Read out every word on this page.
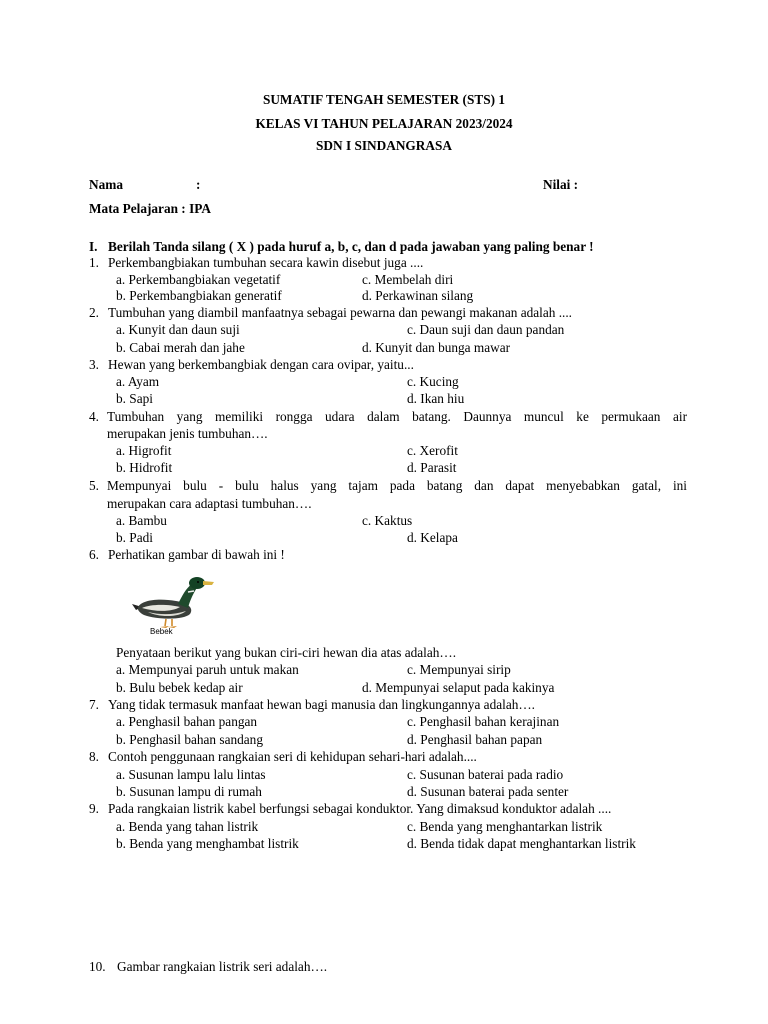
SUMATIF TENGAH SEMESTER (STS) 1
KELAS VI TAHUN PELAJARAN 2023/2024
SDN I SINDANGRASA
Nama	:	Nilai :
Mata Pelajaran : IPA
I. Berilah Tanda silang ( X ) pada huruf a, b, c, dan d pada jawaban yang paling benar !
1. Perkembangbiakan tumbuhan secara kawin disebut juga ....
a. Perkembangbiakan vegetatif	c. Membelah diri
b. Perkembangbiakan generatif	d. Perkawinan silang
2. Tumbuhan yang diambil manfaatnya sebagai pewarna dan pewangi makanan adalah ....
a. Kunyit dan daun suji	c. Daun suji dan daun pandan
b. Cabai merah dan jahe	d. Kunyit dan bunga mawar
3. Hewan yang berkembangbiak dengan cara ovipar, yaitu...
a. Ayam	c. Kucing
b. Sapi	d. Ikan hiu
4. Tumbuhan yang memiliki rongga udara dalam batang. Daunnya muncul ke permukaan air
merupakan jenis tumbuhan….
a. Higrofit	c. Xerofit
b. Hidrofit	d. Parasit
5. Mempunyai bulu - bulu halus yang tajam pada batang dan dapat menyebabkan gatal, ini
merupakan cara adaptasi tumbuhan….
a. Bambu	c. Kaktus
b. Padi	d. Kelapa
6. Perhatikan gambar di bawah ini !
Bebek
Penyataan berikut yang bukan ciri-ciri hewan dia atas adalah….
a. Mempunyai paruh untuk makan	c. Mempunyai sirip
b. Bulu bebek kedap air	d. Mempunyai selaput pada kakinya
7. Yang tidak termasuk manfaat hewan bagi manusia dan lingkungannya adalah….
a. Penghasil bahan pangan	c. Penghasil bahan kerajinan
b. Penghasil bahan sandang	d. Penghasil bahan papan
8. Contoh penggunaan rangkaian seri di kehidupan sehari-hari adalah....
a. Susunan lampu lalu lintas	c. Susunan baterai pada radio
b. Susunan lampu di rumah	d. Susunan baterai pada senter
9. Pada rangkaian listrik kabel berfungsi sebagai konduktor. Yang dimaksud konduktor adalah ....
a. Benda yang tahan listrik	c. Benda yang menghantarkan listrik
b. Benda yang menghambat listrik	d. Benda tidak dapat menghantarkan listrik
10. Gambar rangkaian listrik seri adalah….
